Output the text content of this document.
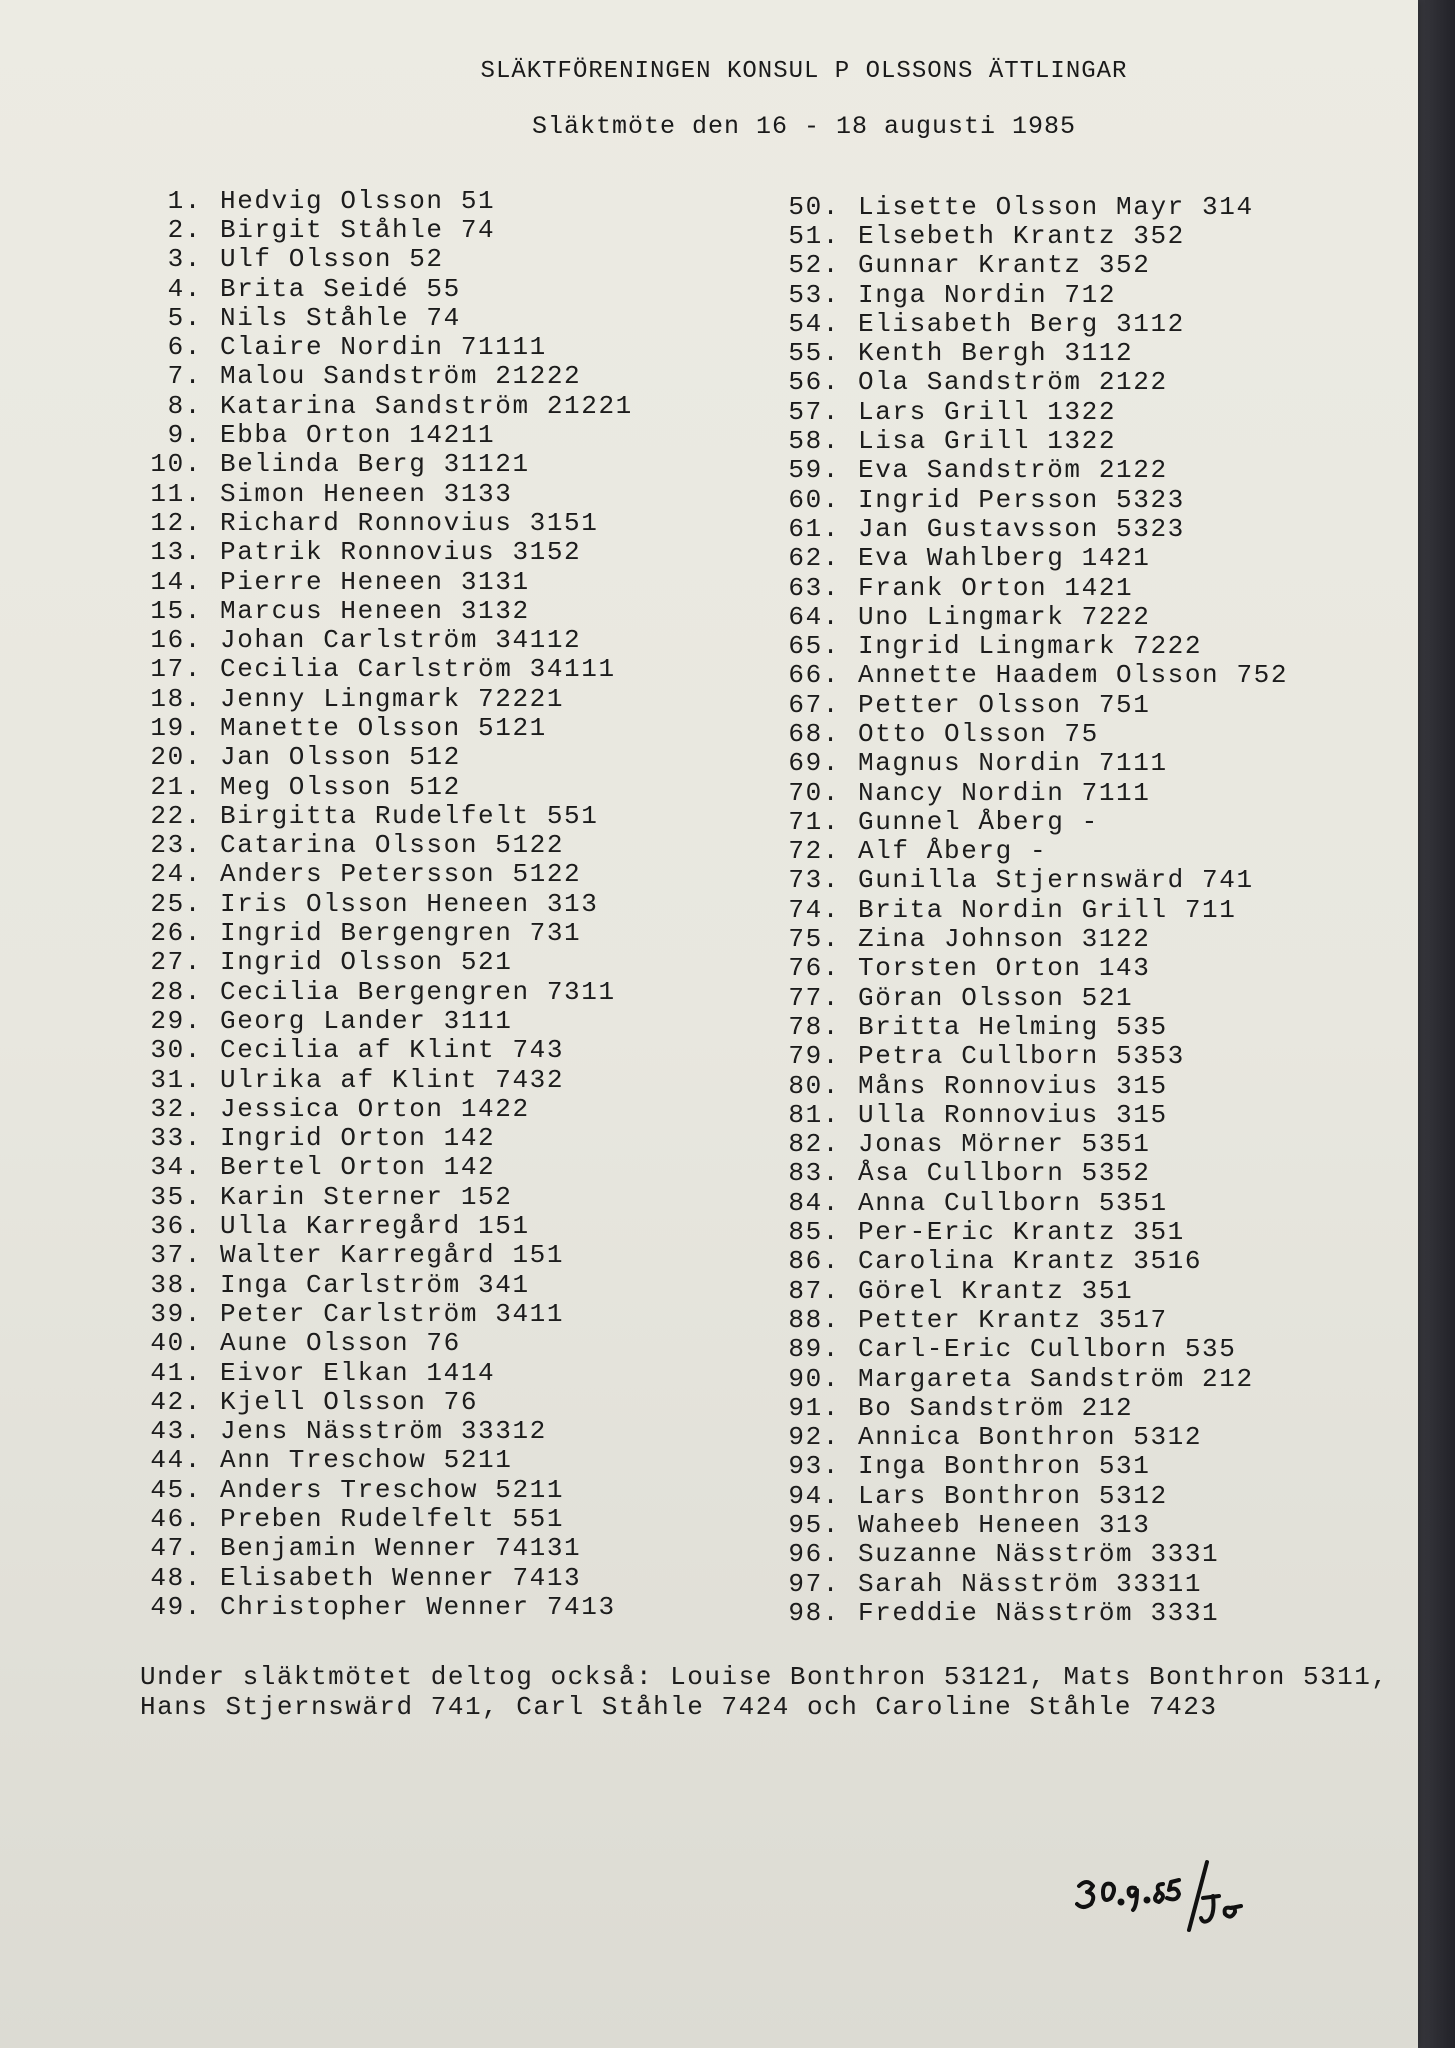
SLÄKTFÖRENINGEN KONSUL P OLSSONS ÄTTLINGAR
Släktmöte den 16 - 18 augusti 1985
1. Hedvig Olsson 51
2. Birgit Ståhle 74
3. Ulf Olsson 52
4. Brita Seidé 55
5. Nils Ståhle 74
6. Claire Nordin 71111
7. Malou Sandström 21222
8. Katarina Sandström 21221
9. Ebba Orton 14211
10. Belinda Berg 31121
11. Simon Heneen 3133
12. Richard Ronnovius 3151
13. Patrik Ronnovius 3152
14. Pierre Heneen 3131
15. Marcus Heneen 3132
16. Johan Carlström 34112
17. Cecilia Carlström 34111
18. Jenny Lingmark 72221
19. Manette Olsson 5121
20. Jan Olsson 512
21. Meg Olsson 512
22. Birgitta Rudelfelt 551
23. Catarina Olsson 5122
24. Anders Petersson 5122
25. Iris Olsson Heneen 313
26. Ingrid Bergengren 731
27. Ingrid Olsson 521
28. Cecilia Bergengren 7311
29. Georg Lander 3111
30. Cecilia af Klint 743
31. Ulrika af Klint 7432
32. Jessica Orton 1422
33. Ingrid Orton 142
34. Bertel Orton 142
35. Karin Sterner 152
36. Ulla Karregård 151
37. Walter Karregård 151
38. Inga Carlström 341
39. Peter Carlström 3411
40. Aune Olsson 76
41. Eivor Elkan 1414
42. Kjell Olsson 76
43. Jens Näsström 33312
44. Ann Treschow 5211
45. Anders Treschow 5211
46. Preben Rudelfelt 551
47. Benjamin Wenner 74131
48. Elisabeth Wenner 7413
49. Christopher Wenner 7413
50. Lisette Olsson Mayr 314
51. Elsebeth Krantz 352
52. Gunnar Krantz 352
53. Inga Nordin 712
54. Elisabeth Berg 3112
55. Kenth Bergh 3112
56. Ola Sandström 2122
57. Lars Grill 1322
58. Lisa Grill 1322
59. Eva Sandström 2122
60. Ingrid Persson 5323
61. Jan Gustavsson 5323
62. Eva Wahlberg 1421
63. Frank Orton 1421
64. Uno Lingmark 7222
65. Ingrid Lingmark 7222
66. Annette Haadem Olsson 752
67. Petter Olsson 751
68. Otto Olsson 75
69. Magnus Nordin 7111
70. Nancy Nordin 7111
71. Gunnel Åberg -
72. Alf Åberg -
73. Gunilla Stjernswärd 741
74. Brita Nordin Grill 711
75. Zina Johnson 3122
76. Torsten Orton 143
77. Göran Olsson 521
78. Britta Helming 535
79. Petra Cullborn 5353
80. Måns Ronnovius 315
81. Ulla Ronnovius 315
82. Jonas Mörner 5351
83. Åsa Cullborn 5352
84. Anna Cullborn 5351
85. Per-Eric Krantz 351
86. Carolina Krantz 3516
87. Görel Krantz 351
88. Petter Krantz 3517
89. Carl-Eric Cullborn 535
90. Margareta Sandström 212
91. Bo Sandström 212
92. Annica Bonthron 5312
93. Inga Bonthron 531
94. Lars Bonthron 5312
95. Waheeb Heneen 313
96. Suzanne Näsström 3331
97. Sarah Näsström 33311
98. Freddie Näsström 3331
Under släktmötet deltog också: Louise Bonthron 53121, Mats Bonthron 5311, Hans Stjernswärd 741, Carl Ståhle 7424 och Caroline Ståhle 7423
